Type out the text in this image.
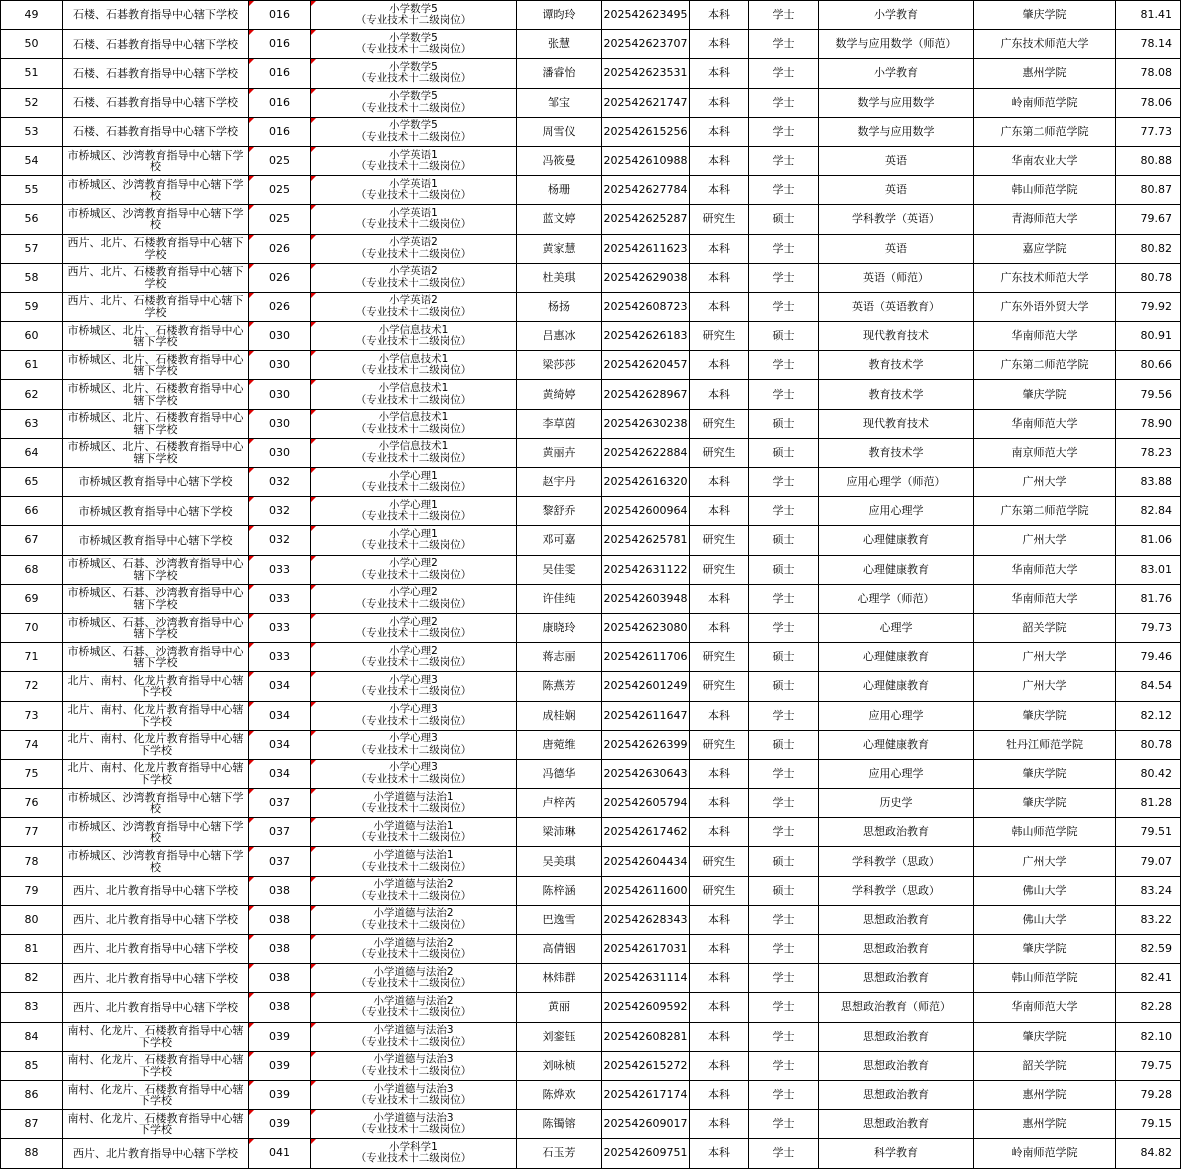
49	石楼、石碁教育指导中心辖下学校	016	小学数学5
（专业技术十二级岗位）	谭昀玲	202542623495	本科	学士	小学教育	肇庆学院	81.41
50	石楼、石碁教育指导中心辖下学校	016	小学数学5
（专业技术十二级岗位）	张慧	202542623707	本科	学士	数学与应用数学（师范）	广东技术师范大学	78.14
51	石楼、石碁教育指导中心辖下学校	016	小学数学5
（专业技术十二级岗位）	潘睿怡	202542623531	本科	学士	小学教育	惠州学院	78.08
52	石楼、石碁教育指导中心辖下学校	016	小学数学5
（专业技术十二级岗位）	邹宝	202542621747	本科	学士	数学与应用数学	岭南师范学院	78.06
53	石楼、石碁教育指导中心辖下学校	016	小学数学5
（专业技术十二级岗位）	周雪仪	202542615256	本科	学士	数学与应用数学	广东第二师范学院	77.73
54	市桥城区、沙湾教育指导中心辖下学校	025	小学英语1
（专业技术十二级岗位）	冯筱曼	202542610988	本科	学士	英语	华南农业大学	80.88
55	市桥城区、沙湾教育指导中心辖下学校	025	小学英语1
（专业技术十二级岗位）	杨珊	202542627784	本科	学士	英语	韩山师范学院	80.87
56	市桥城区、沙湾教育指导中心辖下学校	025	小学英语1
（专业技术十二级岗位）	蓝文婷	202542625287	研究生	硕士	学科教学（英语）	青海师范大学	79.67
57	西片、北片、石楼教育指导中心辖下学校	026	小学英语2
（专业技术十二级岗位）	黄家慧	202542611623	本科	学士	英语	嘉应学院	80.82
58	西片、北片、石楼教育指导中心辖下学校	026	小学英语2
（专业技术十二级岗位）	杜美琪	202542629038	本科	学士	英语（师范）	广东技术师范大学	80.78
59	西片、北片、石楼教育指导中心辖下学校	026	小学英语2
（专业技术十二级岗位）	杨扬	202542608723	本科	学士	英语（英语教育）	广东外语外贸大学	79.92
60	市桥城区、北片、石楼教育指导中心辖下学校	030	小学信息技术1
（专业技术十二级岗位）	吕惠冰	202542626183	研究生	硕士	现代教育技术	华南师范大学	80.91
61	市桥城区、北片、石楼教育指导中心辖下学校	030	小学信息技术1
（专业技术十二级岗位）	梁莎莎	202542620457	本科	学士	教育技术学	广东第二师范学院	80.66
62	市桥城区、北片、石楼教育指导中心辖下学校	030	小学信息技术1
（专业技术十二级岗位）	黄绮婷	202542628967	本科	学士	教育技术学	肇庆学院	79.56
63	市桥城区、北片、石楼教育指导中心辖下学校	030	小学信息技术1
（专业技术十二级岗位）	李草茵	202542630238	研究生	硕士	现代教育技术	华南师范大学	78.90
64	市桥城区、北片、石楼教育指导中心辖下学校	030	小学信息技术1
（专业技术十二级岗位）	黄丽卉	202542622884	研究生	硕士	教育技术学	南京师范大学	78.23
65	市桥城区教育指导中心辖下学校	032	小学心理1
（专业技术十二级岗位）	赵宇丹	202542616320	本科	学士	应用心理学（师范）	广州大学	83.88
66	市桥城区教育指导中心辖下学校	032	小学心理1
（专业技术十二级岗位）	黎舒乔	202542600964	本科	学士	应用心理学	广东第二师范学院	82.84
67	市桥城区教育指导中心辖下学校	032	小学心理1
（专业技术十二级岗位）	邓可嘉	202542625781	研究生	硕士	心理健康教育	广州大学	81.06
68	市桥城区、石碁、沙湾教育指导中心辖下学校	033	小学心理2
（专业技术十二级岗位）	吴佳雯	202542631122	研究生	硕士	心理健康教育	华南师范大学	83.01
69	市桥城区、石碁、沙湾教育指导中心辖下学校	033	小学心理2
（专业技术十二级岗位）	许佳纯	202542603948	本科	学士	心理学（师范）	华南师范大学	81.76
70	市桥城区、石碁、沙湾教育指导中心辖下学校	033	小学心理2
（专业技术十二级岗位）	康晓玲	202542623080	本科	学士	心理学	韶关学院	79.73
71	市桥城区、石碁、沙湾教育指导中心辖下学校	033	小学心理2
（专业技术十二级岗位）	蒋志丽	202542611706	研究生	硕士	心理健康教育	广州大学	79.46
72	北片、南村、化龙片教育指导中心辖下学校	034	小学心理3
（专业技术十二级岗位）	陈燕芳	202542601249	研究生	硕士	心理健康教育	广州大学	84.54
73	北片、南村、化龙片教育指导中心辖下学校	034	小学心理3
（专业技术十二级岗位）	成桂娴	202542611647	本科	学士	应用心理学	肇庆学院	82.12
74	北片、南村、化龙片教育指导中心辖下学校	034	小学心理3
（专业技术十二级岗位）	唐菀维	202542626399	研究生	硕士	心理健康教育	牡丹江师范学院	80.78
75	北片、南村、化龙片教育指导中心辖下学校	034	小学心理3
（专业技术十二级岗位）	冯德华	202542630643	本科	学士	应用心理学	肇庆学院	80.42
76	市桥城区、沙湾教育指导中心辖下学校	037	小学道德与法治1
（专业技术十二级岗位）	卢梓芮	202542605794	本科	学士	历史学	肇庆学院	81.28
77	市桥城区、沙湾教育指导中心辖下学校	037	小学道德与法治1
（专业技术十二级岗位）	梁沛琳	202542617462	本科	学士	思想政治教育	韩山师范学院	79.51
78	市桥城区、沙湾教育指导中心辖下学校	037	小学道德与法治1
（专业技术十二级岗位）	吴美琪	202542604434	研究生	硕士	学科教学（思政）	广州大学	79.07
79	西片、北片教育指导中心辖下学校	038	小学道德与法治2
（专业技术十二级岗位）	陈梓涵	202542611600	研究生	硕士	学科教学（思政）	佛山大学	83.24
80	西片、北片教育指导中心辖下学校	038	小学道德与法治2
（专业技术十二级岗位）	巴逸雪	202542628343	本科	学士	思想政治教育	佛山大学	83.22
81	西片、北片教育指导中心辖下学校	038	小学道德与法治2
（专业技术十二级岗位）	高倩铟	202542617031	本科	学士	思想政治教育	肇庆学院	82.59
82	西片、北片教育指导中心辖下学校	038	小学道德与法治2
（专业技术十二级岗位）	林炜群	202542631114	本科	学士	思想政治教育	韩山师范学院	82.41
83	西片、北片教育指导中心辖下学校	038	小学道德与法治2
（专业技术十二级岗位）	黄丽	202542609592	本科	学士	思想政治教育（师范）	华南师范大学	82.28
84	南村、化龙片、石楼教育指导中心辖下学校	039	小学道德与法治3
（专业技术十二级岗位）	刘銮钰	202542608281	本科	学士	思想政治教育	肇庆学院	82.10
85	南村、化龙片、石楼教育指导中心辖下学校	039	小学道德与法治3
（专业技术十二级岗位）	刘咏桢	202542615272	本科	学士	思想政治教育	韶关学院	79.75
86	南村、化龙片、石楼教育指导中心辖下学校	039	小学道德与法治3
（专业技术十二级岗位）	陈烨欢	202542617174	本科	学士	思想政治教育	惠州学院	79.28
87	南村、化龙片、石楼教育指导中心辖下学校	039	小学道德与法治3
（专业技术十二级岗位）	陈镯镕	202542609017	本科	学士	思想政治教育	惠州学院	79.15
88	西片、北片教育指导中心辖下学校	041	小学科学1
（专业技术十二级岗位）	石玉芳	202542609751	本科	学士	科学教育	岭南师范学院	84.82
